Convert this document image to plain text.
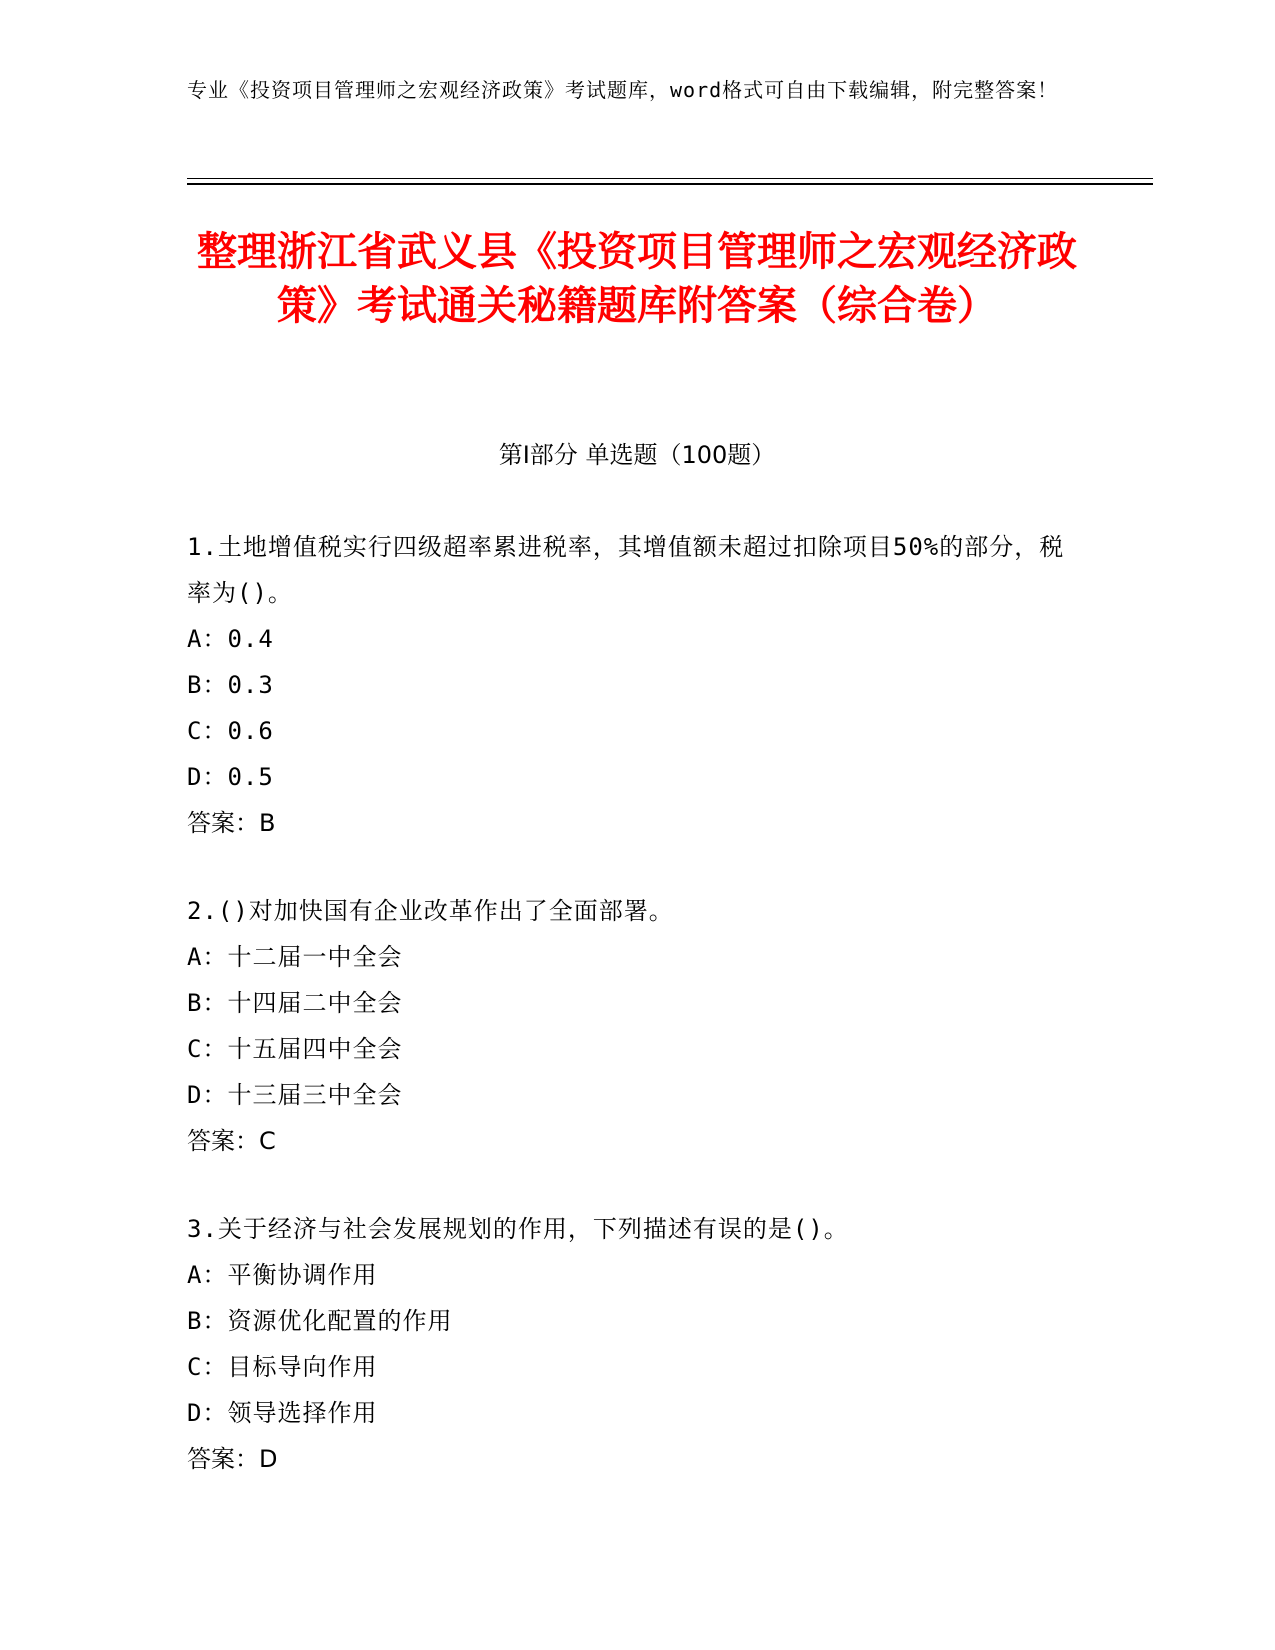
专业《投资项目管理师之宏观经济政策》考试题库，word格式可自由下载编辑，附完整答案！
整理浙江省武义县《投资项目管理师之宏观经济政策》考试通关秘籍题库附答案（综合卷）
第I部分 单选题（100题）
1.土地增值税实行四级超率累进税率，其增值额未超过扣除项目50%的部分，税率为()。
A：0.4
B：0.3
C：0.6
D：0.5
答案：B
2.()对加快国有企业改革作出了全面部署。
A：十二届一中全会
B：十四届二中全会
C：十五届四中全会
D：十三届三中全会
答案：C
3.关于经济与社会发展规划的作用，下列描述有误的是()。
A：平衡协调作用
B：资源优化配置的作用
C：目标导向作用
D：领导选择作用
答案：D
